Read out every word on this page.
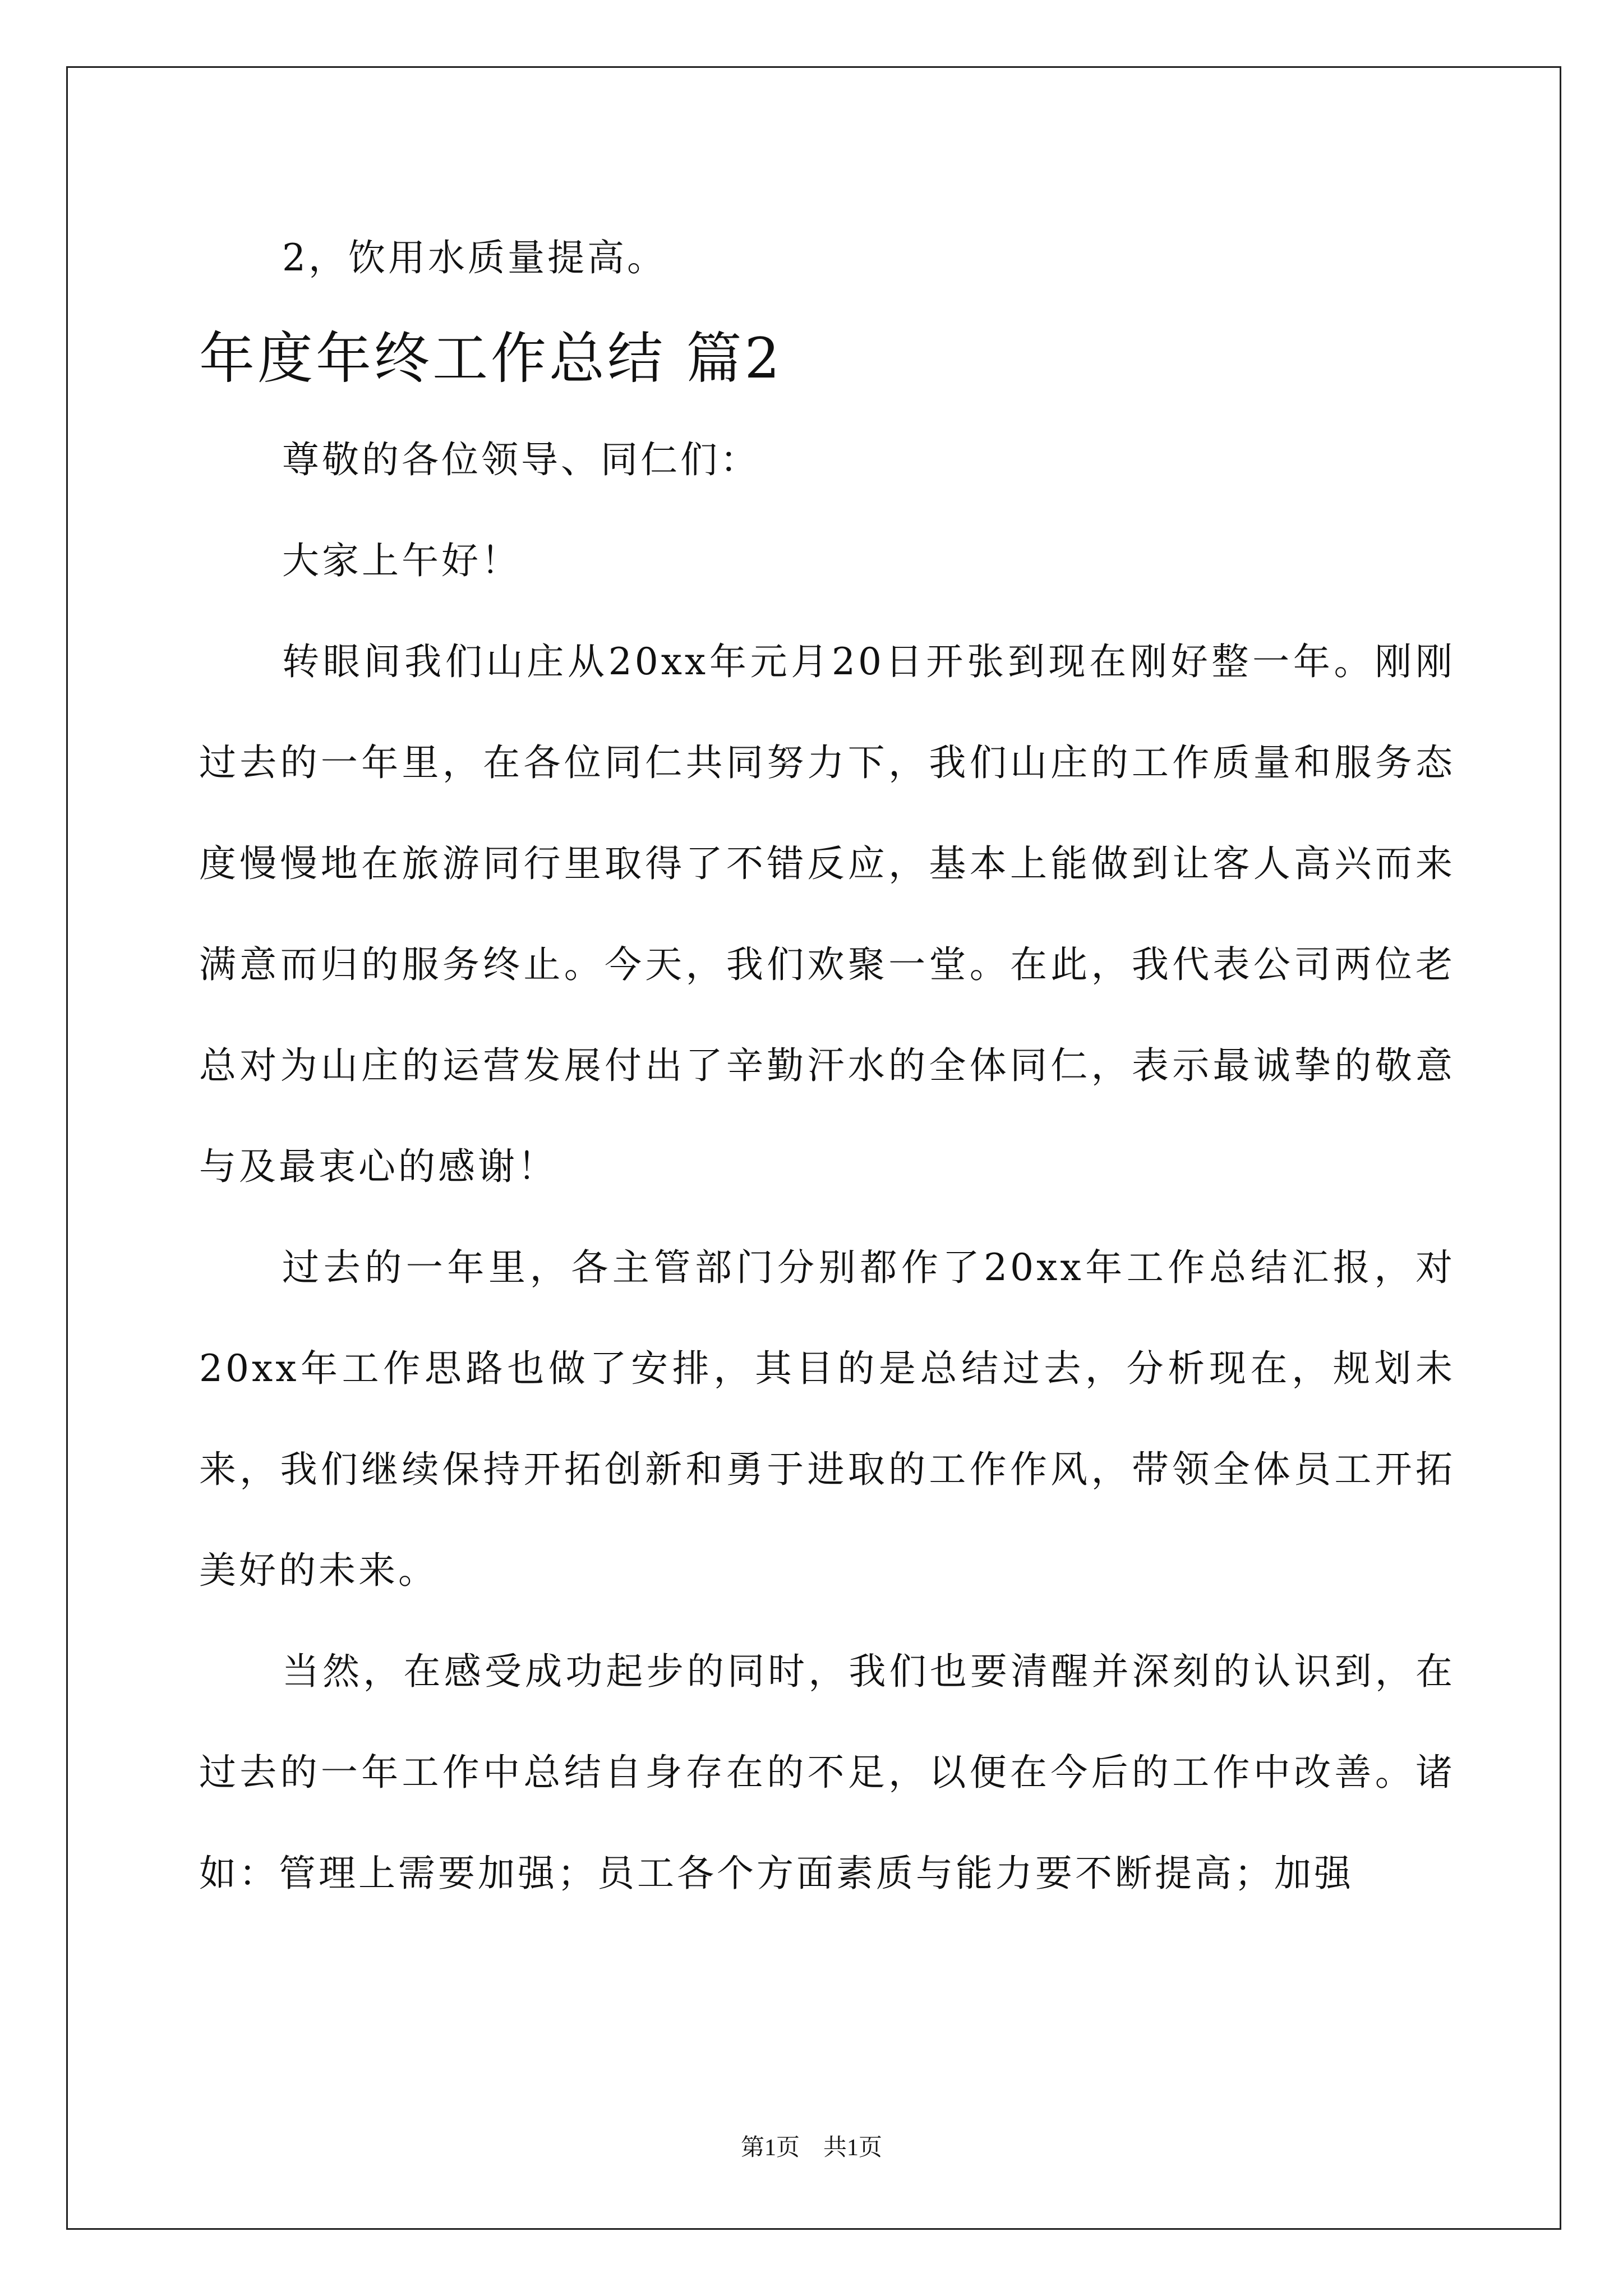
2，饮用水质量提高。

年度年终工作总结 篇2

尊敬的各位领导、同仁们：

大家上午好！

转眼间我们山庄从20xx年元月20日开张到现在刚好整一年。刚刚过去的一年里，在各位同仁共同努力下，我们山庄的工作质量和服务态度慢慢地在旅游同行里取得了不错反应，基本上能做到让客人高兴而来满意而归的服务终止。今天，我们欢聚一堂。在此，我代表公司两位老总对为山庄的运营发展付出了辛勤汗水的全体同仁，表示最诚挚的敬意与及最衷心的感谢！

过去的一年里，各主管部门分别都作了20xx年工作总结汇报，对20xx年工作思路也做了安排，其目的是总结过去，分析现在，规划未来，我们继续保持开拓创新和勇于进取的工作作风，带领全体员工开拓美好的未来。

当然，在感受成功起步的同时，我们也要清醒并深刻的认识到，在过去的一年工作中总结自身存在的不足，以便在今后的工作中改善。诸如：管理上需要加强；员工各个方面素质与能力要不断提高；加强

第1页　共1页
